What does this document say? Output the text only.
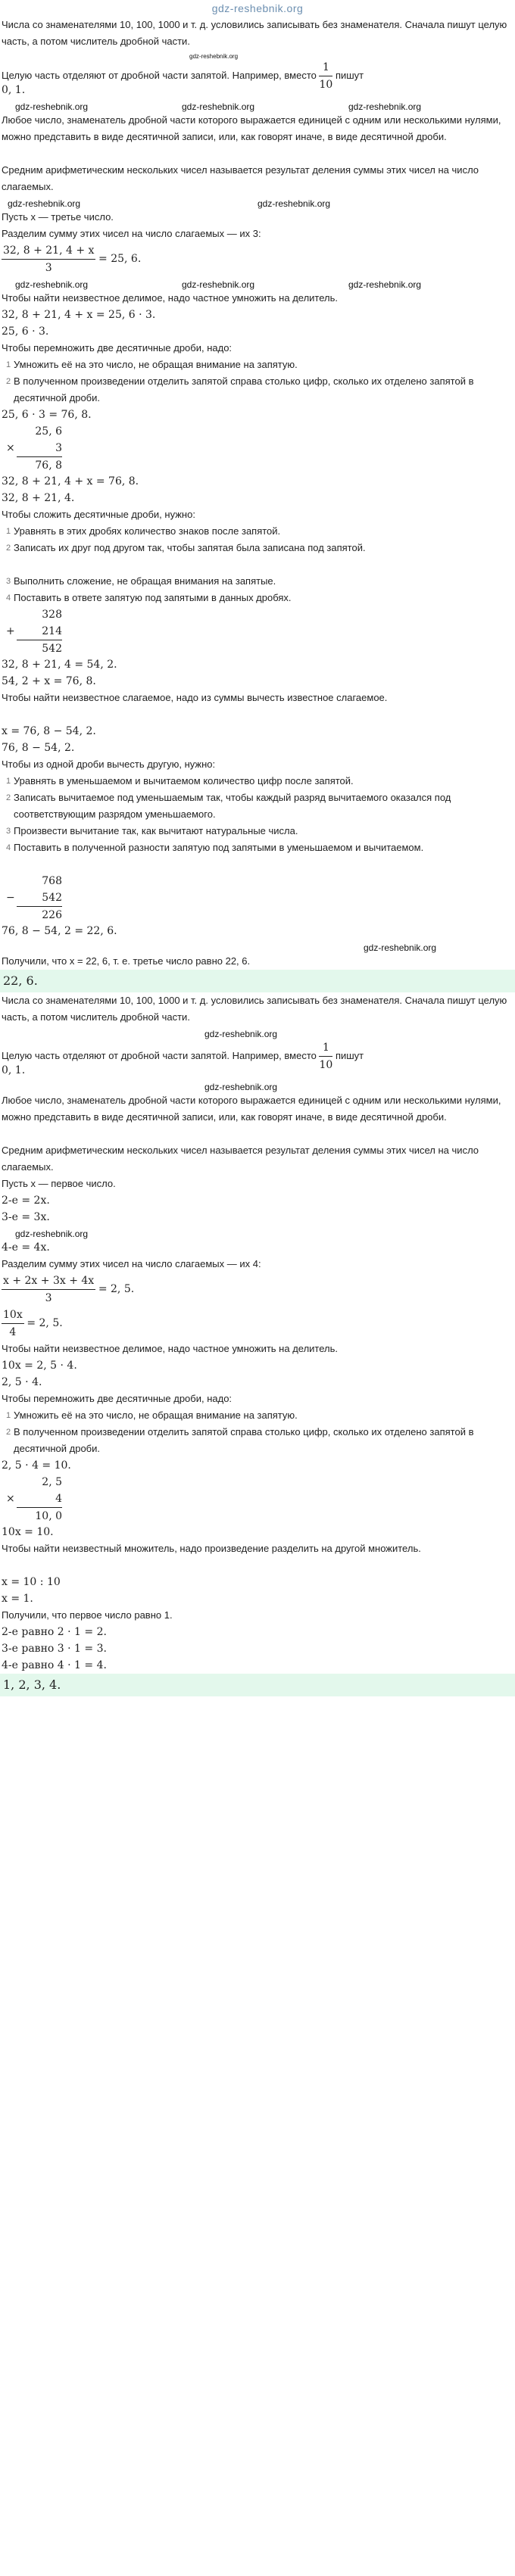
gdz-reshebnik.org
Числа со знаменателями 10, 100, 1000 и т. д. условились записывать без знаменателя. Сначала пишут целую часть, а потом числитель дробной части.
gdz-reshebnik.org
Целую часть отделяют от дробной части запятой. Например, вместо $\frac{1}{10}$ пишут
0, 1.
gdz-reshebnik.org	gdz-reshebnik.org	gdz-reshebnik.org
Любое число, знаменатель дробной части которого выражается единицей с одним или несколькими нулями, можно представить в виде десятичной записи, или, как говорят иначе, в виде десятичной дроби.
Средним арифметическим нескольких чисел называется результат деления суммы этих чисел на число слагаемых.
gdz-reshebnik.org	gdz-reshebnik.org
Пусть x — третье число.
Разделим сумму этих чисел на число слагаемых — их 3:
$\frac{32, 8 + 21, 4 + x}{3} = 25$, 6.
gdz-reshebnik.org	gdz-reshebnik.org	gdz-reshebnik.org
Чтобы найти неизвестное делимое, надо частное умножить на делитель.
32, 8 + 21, 4 + x = 25, 6 · 3.
25, 6 · 3.
Чтобы перемножить две десятичные дроби, надо:
1 Умножить её на это число, не обращая внимание на запятую.
2 В полученном произведении отделить запятой справа столько цифр, сколько их отделено запятой в десятичной дроби.
25, 6 · 3 = 76, 8.
×
25, 6
3
76, 8
32, 8 + 21, 4 + x = 76, 8.
32, 8 + 21, 4.
Чтобы сложить десятичные дроби, нужно:
1 Уравнять в этих дробях количество знаков после запятой.
2 Записать их друг под другом так, чтобы запятая была записана под запятой.
3 Выполнить сложение, не обращая внимания на запятые.
4 Поставить в ответе запятую под запятыми в данных дробях.
+
328
214
542
32, 8 + 21, 4 = 54, 2.
54, 2 + x = 76, 8.
Чтобы найти неизвестное слагаемое, надо из суммы вычесть известное слагаемое.
x = 76, 8 − 54, 2.
76, 8 − 54, 2.
Чтобы из одной дроби вычесть другую, нужно:
1 Уравнять в уменьшаемом и вычитаемом количество цифр после запятой.
2 Записать вычитаемое под уменьшаемым так, чтобы каждый разряд вычитаемого оказался под соответствующим разрядом уменьшаемого.
3 Произвести вычитание так, как вычитают натуральные числа.
4 Поставить в полученной разности запятую под запятыми в уменьшаемом и вычитаемом.
−
768
542
226
76, 8 − 54, 2 = 22, 6.
gdz-reshebnik.org
Получили, что x = 22, 6, т. е. третье число равно 22, 6.
22, 6.
Числа со знаменателями 10, 100, 1000 и т. д. условились записывать без знаменателя. Сначала пишут целую часть, а потом числитель дробной части.
gdz-reshebnik.org
Целую часть отделяют от дробной части запятой. Например, вместо $\frac{1}{10}$ пишут
0, 1.
gdz-reshebnik.org
Любое число, знаменатель дробной части которого выражается единицей с одним или несколькими нулями, можно представить в виде десятичной записи, или, как говорят иначе, в виде десятичной дроби.
Средним арифметическим нескольких чисел называется результат деления суммы этих чисел на число слагаемых.
Пусть x — первое число.
2-е = 2x.
3-е = 3x.
gdz-reshebnik.org
4-е = 4x.
Разделим сумму этих чисел на число слагаемых — их 4:
$\frac{x + 2x + 3x + 4x}{3} = 2$, 5.
$\frac{10x}{4} = 2$, 5.
Чтобы найти неизвестное делимое, надо частное умножить на делитель.
10x = 2, 5 · 4.
2, 5 · 4.
Чтобы перемножить две десятичные дроби, надо:
1 Умножить её на это число, не обращая внимание на запятую.
2 В полученном произведении отделить запятой справа столько цифр, сколько их отделено запятой в десятичной дроби.
2, 5 · 4 = 10.
×
2, 5
4
10, 0
10x = 10.
Чтобы найти неизвестный множитель, надо произведение разделить на другой множитель.
x = 10 : 10
x = 1.
Получили, что первое число равно 1.
2-е равно 2 · 1 = 2.
3-е равно 3 · 1 = 3.
4-е равно 4 · 1 = 4.
1, 2, 3, 4.
